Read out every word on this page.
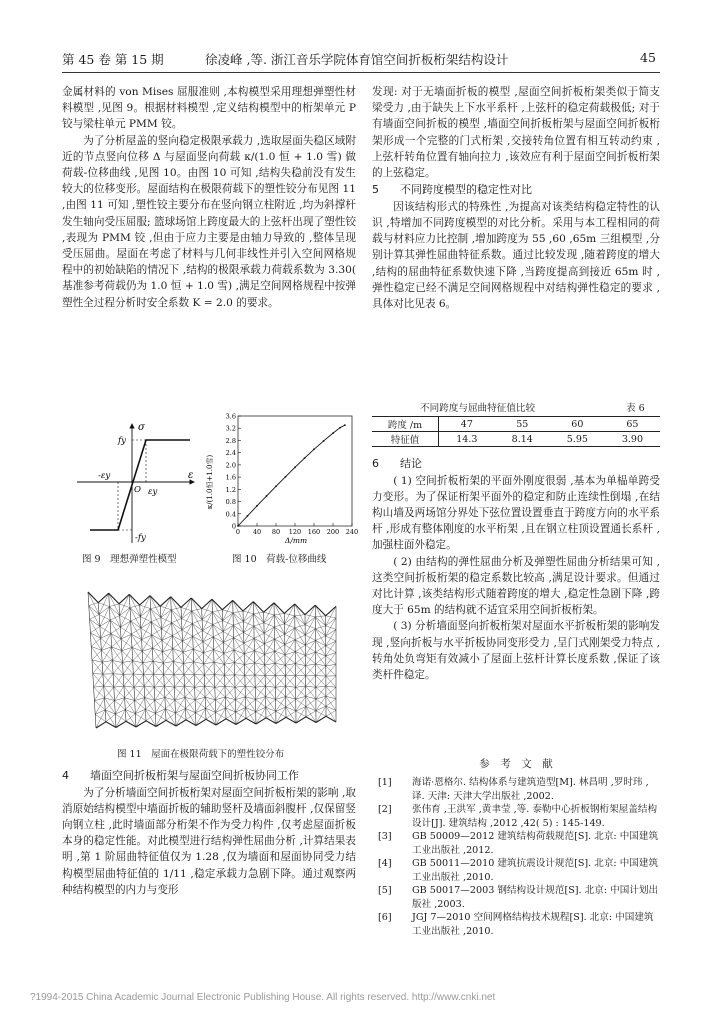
第 45 卷 第 15 期	徐凌峰 ,等. 浙江音乐学院体育馆空间折板桁架结构设计	45

金属材料的 von Mises 屈服准则 ,本构模型采用理想弹塑性材料模型 ,见图 9。根据材料模型 ,定义结构模型中的桁架单元 P 铰与梁柱单元 PMM 铰。

为了分析屋盖的竖向稳定极限承载力 ,选取屋面失稳区域附近的节点竖向位移 Δ 与屋面竖向荷载 κ/(1.0 恒 + 1.0 雪) 做荷载-位移曲线 ,见图 10。由图 10 可知 ,结构失稳前没有发生较大的位移变形。屋面结构在极限荷载下的塑性铰分布见图 11 ,由图 11 可知 ,塑性铰主要分布在竖向钢立柱附近 ,均为斜撑杆发生轴向受压屈服; 篮球场馆上跨度最大的上弦杆出现了塑性铰 ,表现为 PMM 铰 ,但由于应力主要是由轴力导致的 ,整体呈现受压屈曲。屋面在考虑了材料与几何非线性并引入空间网格规程中的初始缺陷的情况下 ,结构的极限承载力荷载系数为 3.30( 基准参考荷载仍为 1.0 恒 + 1.0 雪) ,满足空间网格规程中按弹塑性全过程分析时安全系数 K = 2.0 的要求。

σ
fy
-fy
ε
εy
-εy
O
0
0.4
0.8
1.2
1.6
2.0
2.4
2.8
3.2
3.6
0 40 80 120 160 200 240
κ/(1.0恒+1.0雪)
Δ/mm
图 9　理想弹塑性模型	图 10　荷载-位移曲线
图 11　屋面在极限荷载下的塑性铰分布

4 墙面空间折板桁架与屋面空间折板协同工作

为了分析墙面空间折板桁架对屋面空间折板桁架的影响 ,取消原始结构模型中墙面折板的辅助竖杆及墙面斜腹杆 ,仅保留竖向钢立柱 ,此时墙面部分桁架不作为受力构件 ,仅考虑屋面折板本身的稳定性能。对此模型进行结构弹性屈曲分析 ,计算结果表明 ,第 1 阶屈曲特征值仅为 1.28 ,仅为墙面和屋面协同受力结构模型屈曲特征值的 1/11 ,稳定承载力急剧下降。通过观察两种结构模型的内力与变形

发现: 对于无墙面折板的模型 ,屋面空间折板桁架类似于简支梁受力 ,由于缺失上下水平系杆 ,上弦杆的稳定荷载极低; 对于有墙面空间折板的模型 ,墙面空间折板桁架与屋面空间折板桁架形成一个完整的门式桁架 ,交接转角位置有相互转动约束 ,上弦杆转角位置有轴向拉力 ,该效应有利于屋面空间折板桁架的上弦稳定。

5 不同跨度模型的稳定性对比

因该结构形式的特殊性 ,为提高对该类结构稳定特性的认识 ,特增加不同跨度模型的对比分析。采用与本工程相同的荷载与材料应力比控制 ,增加跨度为 55 ,60 ,65m 三组模型 ,分别计算其弹性屈曲特征系数。通过比较发现 ,随着跨度的增大 ,结构的屈曲特征系数快速下降 ,当跨度提高到接近 65m 时 ,弹性稳定已经不满足空间网格规程中对结构弹性稳定的要求 ,具体对比见表 6。

不同跨度与屈曲特征值比较	表 6
跨度 /m	47	55	60	65
特征值	14.3	8.14	5.95	3.90

6 结论

( 1) 空间折板桁架的平面外刚度很弱 ,基本为单榀单跨受力变形。为了保证桁架平面外的稳定和防止连续性倒塌 ,在结构山墙及两场馆分界处下弦位置设置垂直于跨度方向的水平系杆 ,形成有整体刚度的水平桁架 ,且在钢立柱顶设置通长系杆 ,加强柱面外稳定。

( 2) 由结构的弹性屈曲分析及弹塑性屈曲分析结果可知 ,这类空间折板桁架的稳定系数比较高 ,满足设计要求。但通过对比计算 ,该类结构形式随着跨度的增大 ,稳定性急剧下降 ,跨度大于 65m 的结构就不适宜采用空间折板桁架。

( 3) 分析墙面竖向折板桁架对屋面水平折板桁架的影响发现 ,竖向折板与水平折板协同变形受力 ,呈门式刚架受力特点 ,转角处负弯矩有效减小了屋面上弦杆计算长度系数 ,保证了该类杆件稳定。

参　考　文　献
[1] 海诺·恩格尔. 结构体系与建筑造型[M]. 林昌明 ,罗时玮 ,译. 天津: 天津大学出版社 ,2002.
[2] 张伟育 ,王洪军 ,黄聿莹 ,等. 泰勒中心折板钢桁架屋盖结构设计[J]. 建筑结构 ,2012 ,42( 5) : 145-149.
[3] GB 50009—2012 建筑结构荷载规范[S]. 北京: 中国建筑工业出版社 ,2012.
[4] GB 50011—2010 建筑抗震设计规范[S]. 北京: 中国建筑工业出版社 ,2010.
[5] GB 50017—2003 钢结构设计规范[S]. 北京: 中国计划出版社 ,2003.
[6] JGJ 7—2010 空间网格结构技术规程[S]. 北京: 中国建筑工业出版社 ,2010.
?1994-2015 China Academic Journal Electronic Publishing House. All rights reserved. http://www.cnki.net
